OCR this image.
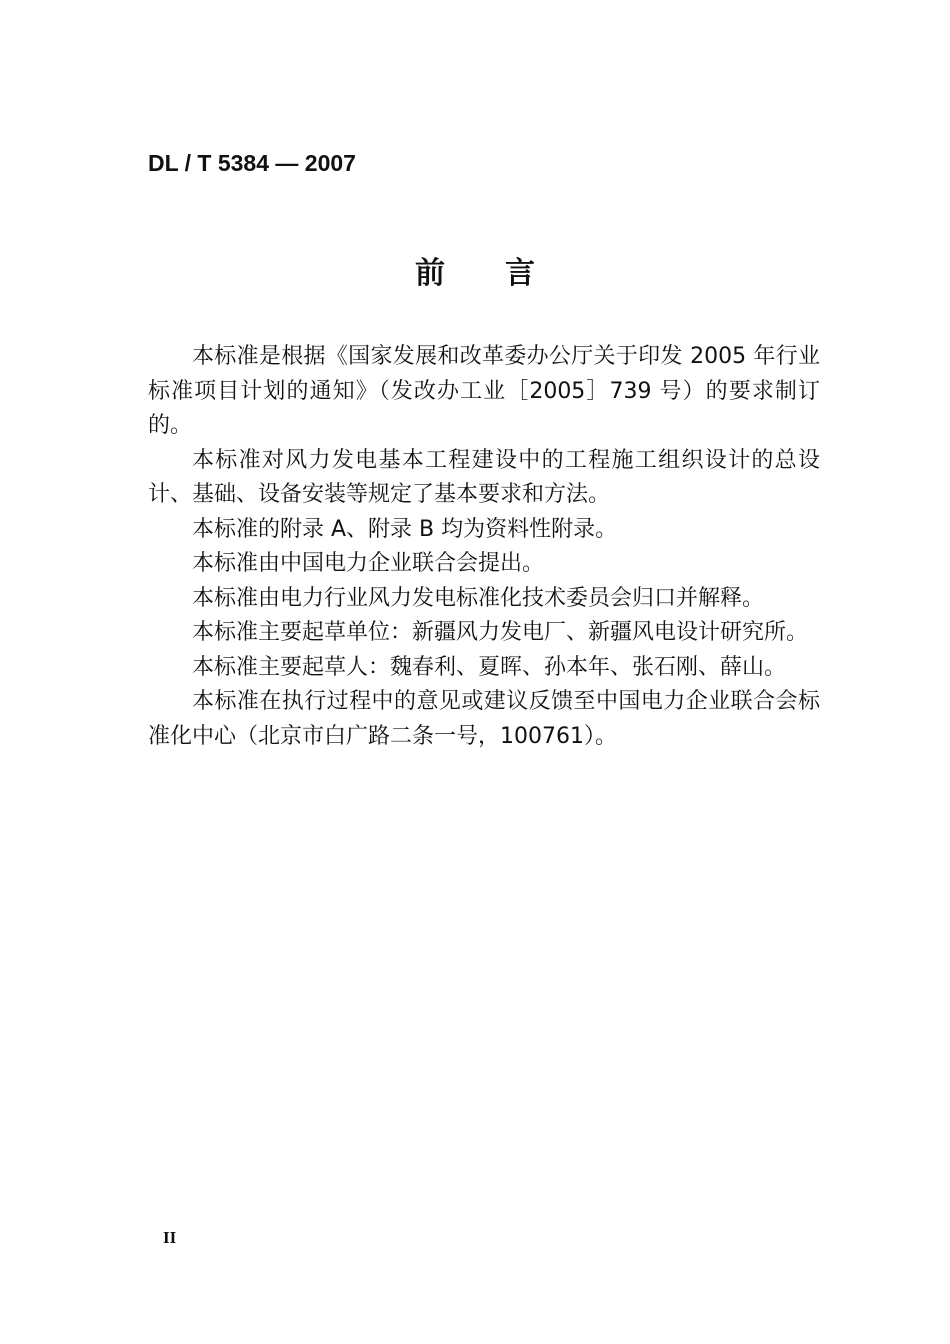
DL / T 5384 — 2007
前言

本标准是根据《国家发展和改革委办公厅关于印发 2005 年行业标准项目计划的通知》（发改办工业［2005］739 号）的要求制订的。

本标准对风力发电基本工程建设中的工程施工组织设计的总设计、基础、设备安装等规定了基本要求和方法。

本标准的附录 A、附录 B 均为资料性附录。

本标准由中国电力企业联合会提出。

本标准由电力行业风力发电标准化技术委员会归口并解释。

本标准主要起草单位：新疆风力发电厂、新疆风电设计研究所。

本标准主要起草人：魏春利、夏晖、孙本年、张石刚、薛山。

本标准在执行过程中的意见或建议反馈至中国电力企业联合会标准化中心（北京市白广路二条一号，100761）。

II
